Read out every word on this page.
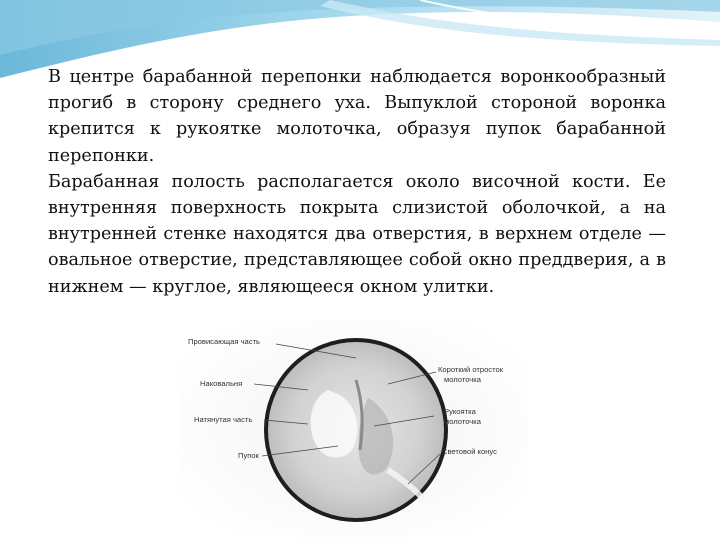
В центре барабанной перепонки наблюдается воронкообразный прогиб в сторону среднего уха. Выпуклой стороной воронка крепится к рукоятке молоточка, образуя пупок барабанной перепонки.

Барабанная полость располагается около височной кости. Ее внутренняя поверхность покрыта слизистой оболочкой, а на внутренней стенке находятся два отверстия, в верхнем отделе — овальное отверстие, представляющее собой окно преддверия, а в нижнем — круглое, являющееся окном улитки.

Провисающая часть
Наковальня
Натянутая часть
Пупок
Короткий отросток
молоточка
Рукоятка
молоточка
Световой конус
